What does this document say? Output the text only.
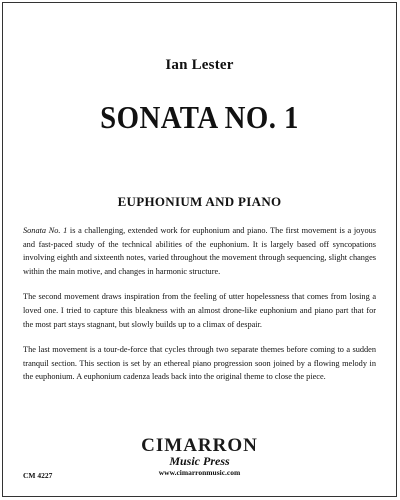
Ian Lester
SONATA NO. 1
EUPHONIUM AND PIANO

Sonata No. 1 is a challenging, extended work for euphonium and piano. The first movement is a joyous and fast-paced study of the technical abilities of the euphonium. It is largely based off syncopations involving eighth and sixteenth notes, varied throughout the movement through sequencing, slight changes within the main motive, and changes in harmonic structure.

The second movement draws inspiration from the feeling of utter hopelessness that comes from losing a loved one. I tried to capture this bleakness with an almost drone-like euphonium and piano part that for the most part stays stagnant, but slowly builds up to a climax of despair.

The last movement is a tour-de-force that cycles through two separate themes before coming to a sudden tranquil section. This section is set by an ethereal piano progression soon joined by a flowing melody in the euphonium. A euphonium cadenza leads back into the original theme to close the piece.

CIMARRON
Music Press
www.cimarronmusic.com
CM 4227
